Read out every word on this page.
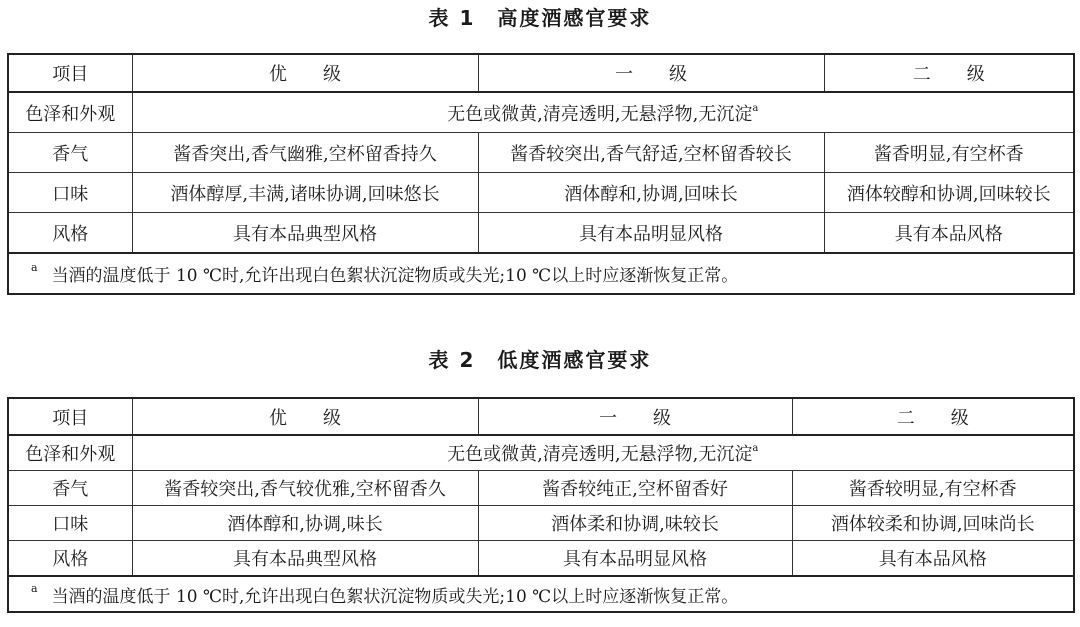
表 1　高度酒感官要求
项目	优　　级	一　　级	二　　级
色泽和外观	无色或微黄,清亮透明,无悬浮物,无沉淀$^a$
香气	酱香突出,香气幽雅,空杯留香持久	酱香较突出,香气舒适,空杯留香较长	酱香明显,有空杯香
口味	酒体醇厚,丰满,诸味协调,回味悠长	酒体醇和,协调,回味长	酒体较醇和协调,回味较长
风格	具有本品典型风格	具有本品明显风格	具有本品风格
$^a$ 当酒的温度低于 10 ℃时,允许出现白色絮状沉淀物质或失光;10 ℃以上时应逐渐恢复正常。			
表 2　低度酒感官要求
项目	优　　级	一　　级	二　　级
色泽和外观	无色或微黄,清亮透明,无悬浮物,无沉淀$^a$
香气	酱香较突出,香气较优雅,空杯留香久	酱香较纯正,空杯留香好	酱香较明显,有空杯香
口味	酒体醇和,协调,味长	酒体柔和协调,味较长	酒体较柔和协调,回味尚长
风格	具有本品典型风格	具有本品明显风格	具有本品风格
$^a$ 当酒的温度低于 10 ℃时,允许出现白色絮状沉淀物质或失光;10 ℃以上时应逐渐恢复正常。			
